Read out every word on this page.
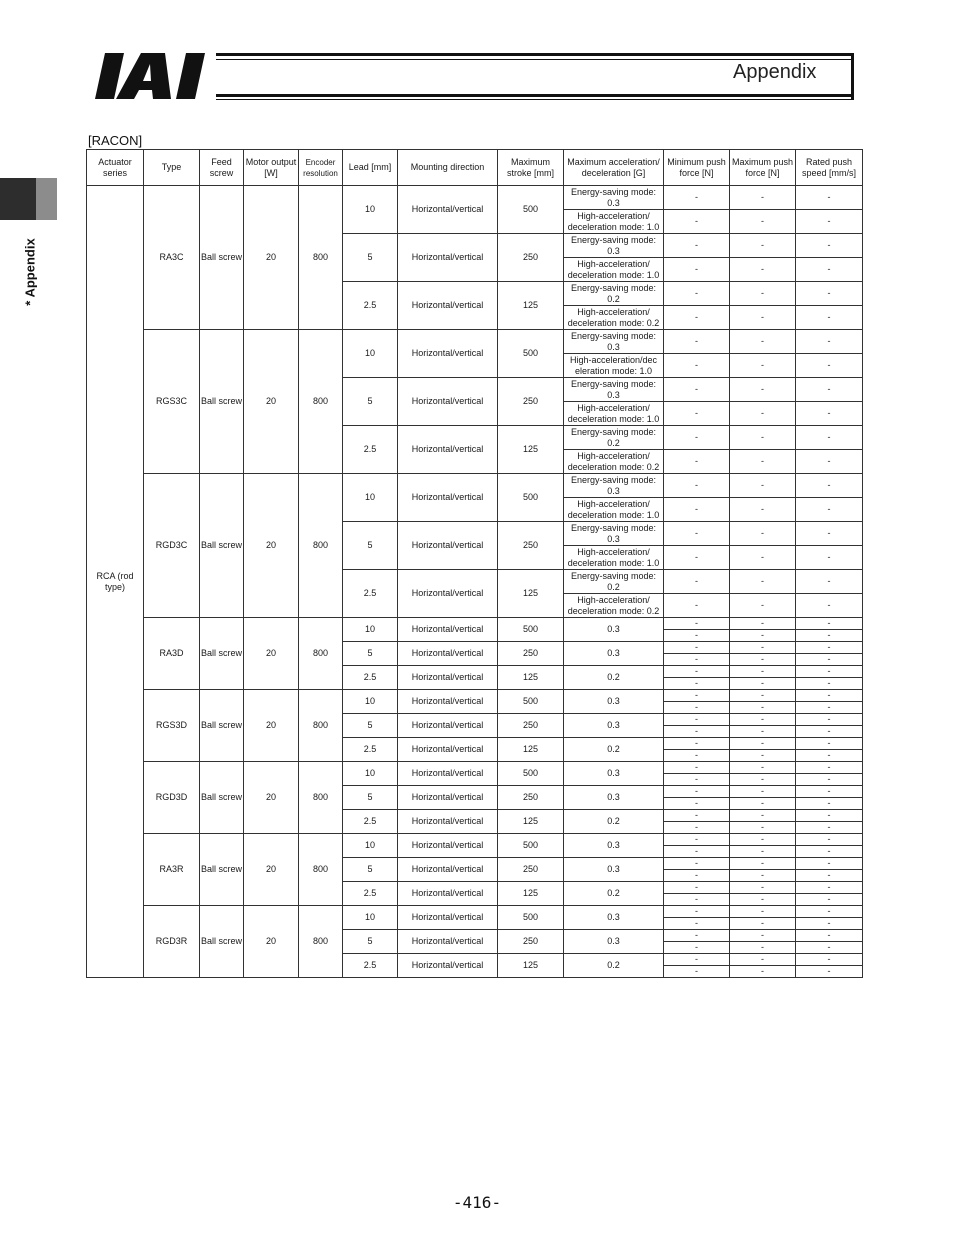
Appendix
* Appendix
[RACON]
Actuator series	Type	Feed screw	Motor output [W]	Encoder resolution	Lead [mm]	Mounting direction	Maximum stroke [mm]	Maximum acceleration/ deceleration [G]	Minimum push force [N]	Maximum push force [N]	Rated push speed [mm/s]
RCA (rod type)	RA3C	Ball screw	20	800	10	Horizontal/vertical	500	Energy-saving mode: 0.3	-	-	-
								High-acceleration/ deceleration mode: 1.0	-	-	-
					5	Horizontal/vertical	250	Energy-saving mode: 0.3	-	-	-
								High-acceleration/ deceleration mode: 1.0	-	-	-
					2.5	Horizontal/vertical	125	Energy-saving mode: 0.2	-	-	-
								High-acceleration/ deceleration mode: 0.2	-	-	-
	RGS3C	Ball screw	20	800	10	Horizontal/vertical	500	Energy-saving mode: 0.3	-	-	-
								High-acceleration/dec eleration mode: 1.0	-	-	-
					5	Horizontal/vertical	250	Energy-saving mode: 0.3	-	-	-
								High-acceleration/ deceleration mode: 1.0	-	-	-
					2.5	Horizontal/vertical	125	Energy-saving mode: 0.2	-	-	-
								High-acceleration/ deceleration mode: 0.2	-	-	-
	RGD3C	Ball screw	20	800	10	Horizontal/vertical	500	Energy-saving mode: 0.3	-	-	-
								High-acceleration/ deceleration mode: 1.0	-	-	-
					5	Horizontal/vertical	250	Energy-saving mode: 0.3	-	-	-
								High-acceleration/ deceleration mode: 1.0	-	-	-
					2.5	Horizontal/vertical	125	Energy-saving mode: 0.2	-	-	-
								High-acceleration/ deceleration mode: 0.2	-	-	-
	RA3D	Ball screw	20	800	10	Horizontal/vertical	500	0.3	-	-	-
									-	-	-
					5	Horizontal/vertical	250	0.3	-	-	-
									-	-	-
					2.5	Horizontal/vertical	125	0.2	-	-	-
									-	-	-
	RGS3D	Ball screw	20	800	10	Horizontal/vertical	500	0.3	-	-	-
									-	-	-
					5	Horizontal/vertical	250	0.3	-	-	-
									-	-	-
					2.5	Horizontal/vertical	125	0.2	-	-	-
									-	-	-
	RGD3D	Ball screw	20	800	10	Horizontal/vertical	500	0.3	-	-	-
									-	-	-
					5	Horizontal/vertical	250	0.3	-	-	-
									-	-	-
					2.5	Horizontal/vertical	125	0.2	-	-	-
									-	-	-
	RA3R	Ball screw	20	800	10	Horizontal/vertical	500	0.3	-	-	-
									-	-	-
					5	Horizontal/vertical	250	0.3	-	-	-
									-	-	-
					2.5	Horizontal/vertical	125	0.2	-	-	-
									-	-	-
	RGD3R	Ball screw	20	800	10	Horizontal/vertical	500	0.3	-	-	-
									-	-	-
					5	Horizontal/vertical	250	0.3	-	-	-
									-	-	-
					2.5	Horizontal/vertical	125	0.2	-	-	-
									-	-	-
-416-
